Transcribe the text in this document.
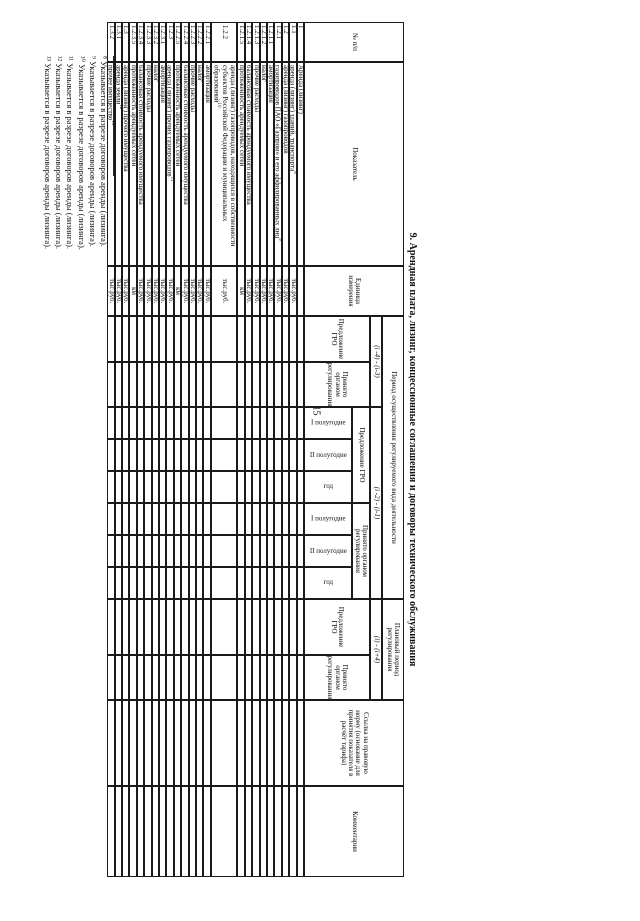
15	9. Арендная плата, лизинг, концессионные соглашения и договоры технического обслуживания
№ п/п
Показатель
Единица измерения
Период осуществления регулируемого вида деятельности
(i -4) - (i-3)
(i -2) - (i-1)
Предложение ГРО
Принято органом регулирования
Предложение ГРО
Принято органом регулирования
I полугодие
II полугодие
год
I полугодие
II полугодие
год
Плановый период регулирования
(i) - (i+4)
Предложение ГРО
Принято органом регулирования
Ссылка на правовую норму (основание для принятия показателя в расчёт тарифа)
Комментарии
1
Аренда (лизинг)
1.1
аренда (лизинг) зданий, транспорта$^8$
тыс.руб.
1.2
аренда (лизинг) газопроводов
тыс.руб.
1.2.1
газопроводов ПАО «Газпром» и его аффилированных лиц$^9$
тыс.руб.
1.2.1.1
амортизация
тыс.руб.
1.2.1.2
налог
тыс.руб.
1.2.1.3
прочие расходы
тыс.руб.
1.2.1.4
балансовая стоимость арендуемого имущества
тыс.руб.
1.2.1.5
протяжённость арендуемых сетей
км
1.2.2
аренда (лизинг) газопроводов, находящихся в собственности субъектов Российской Федерации и муниципальных образований$^{10}$
тыс.руб.
1.2.2.1
амортизация
тыс.руб.
1.2.2.2
налог
тыс.руб.
1.2.2.3
прочие расходы
тыс.руб.
1.2.2.4
балансовая стоимость арендуемого имущества
тыс.руб.
1.2.2.5
протяжённость арендуемых сетей
км
1.2.3
аренда (лизинг) прочих газопроводов$^{11}$
тыс.руб.
1.2.3.1
амортизация
тыс.руб.
1.2.3.2
налог
тыс.руб.
1.2.3.3
прочие расходы
тыс.руб.
1.2.3.4
балансовая стоимость арендуемого имущества
тыс.руб.
1.2.3.5
протяжённость арендуемых сетей
км
1.3
аренда (лизинг) прочего имущества
тыс.руб.
1.3.1
аренда земли$^{12}$
тыс.руб.
1.3.2
прочее имущество$^{13}$
тыс.руб.
⁸ Указывается в разрезе договоров аренды (лизинга).
⁹ Указывается в разрезе договоров аренды (лизинга).
¹⁰ Указывается в разрезе договоров аренды (лизинга).
¹¹ Указывается в разрезе договоров аренды (лизинга).
¹² Указывается в разрезе договоров аренды (лизинга).
¹³ Указывается в разрезе договоров аренды (лизинга).
